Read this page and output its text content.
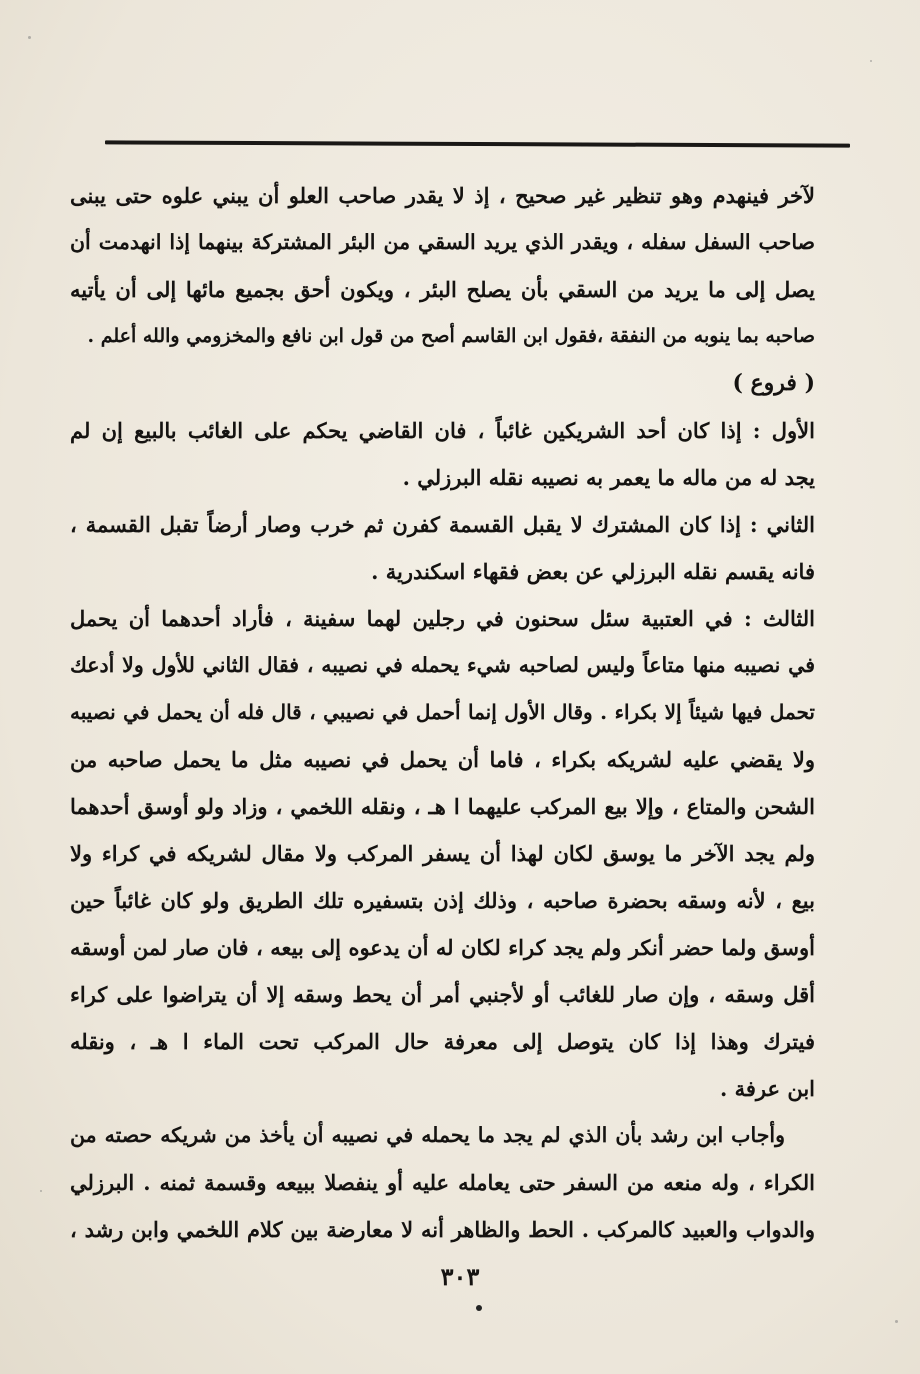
لآخر فينهدم وهو تنظير غير صحيح ، إذ لا يقدر صاحب العلو أن يبني علوه حتى يبنى
صاحب السفل سفله ، ويقدر الذي يريد السقي من البئر المشتركة بينهما إذا انهدمت أن
يصل إلى ما يريد من السقي بأن يصلح البئر ، ويكون أحق بجميع مائها إلى أن يأتيه
صاحبه بما ينوبه من النفقة ،فقول ابن القاسم أصح من قول ابن نافع والمخزومي والله أعلم .
( فروع )
الأول : إذا كان أحد الشريكين غائباً ، فان القاضي يحكم على الغائب بالبيع إن لم
يجد له من ماله ما يعمر به نصيبه نقله البرزلي .
الثاني : إذا كان المشترك لا يقبل القسمة كفرن ثم خرب وصار أرضاً تقبل القسمة ،
فانه يقسم نقله البرزلي عن بعض فقهاء اسكندرية .
الثالث : في العتبية سئل سحنون في رجلين لهما سفينة ، فأراد أحدهما أن يحمل
في نصيبه منها متاعاً وليس لصاحبه شيء يحمله في نصيبه ، فقال الثاني للأول ولا أدعك
تحمل فيها شيئاً إلا بكراء . وقال الأول إنما أحمل في نصيبي ، قال فله أن يحمل في نصيبه
ولا يقضي عليه لشريكه بكراء ، فاما أن يحمل في نصيبه مثل ما يحمل صاحبه من
الشحن والمتاع ، وإلا بيع المركب عليهما ا هـ ، ونقله اللخمي ، وزاد ولو أوسق أحدهما
ولم يجد الآخر ما يوسق لكان لهذا أن يسفر المركب ولا مقال لشريكه في كراء ولا
بيع ، لأنه وسقه بحضرة صاحبه ، وذلك إذن بتسفيره تلك الطريق ولو كان غائباً حين
أوسق ولما حضر أنكر ولم يجد كراء لكان له أن يدعوه إلى بيعه ، فان صار لمن أوسقه
أقل وسقه ، وإن صار للغائب أو لأجنبي أمر أن يحط وسقه إلا أن يتراضوا على كراء
فيترك وهذا إذا كان يتوصل إلى معرفة حال المركب تحت الماء ا هـ ، ونقله
ابن عرفة .
وأجاب ابن رشد بأن الذي لم يجد ما يحمله في نصيبه أن يأخذ من شريكه حصته من
الكراء ، وله منعه من السفر حتى يعامله عليه أو ينفصلا ببيعه وقسمة ثمنه . البرزلي
والدواب والعبيد كالمركب . الحط والظاهر أنه لا معارضة بين كلام اللخمي وابن رشد ،
٣٠٣
